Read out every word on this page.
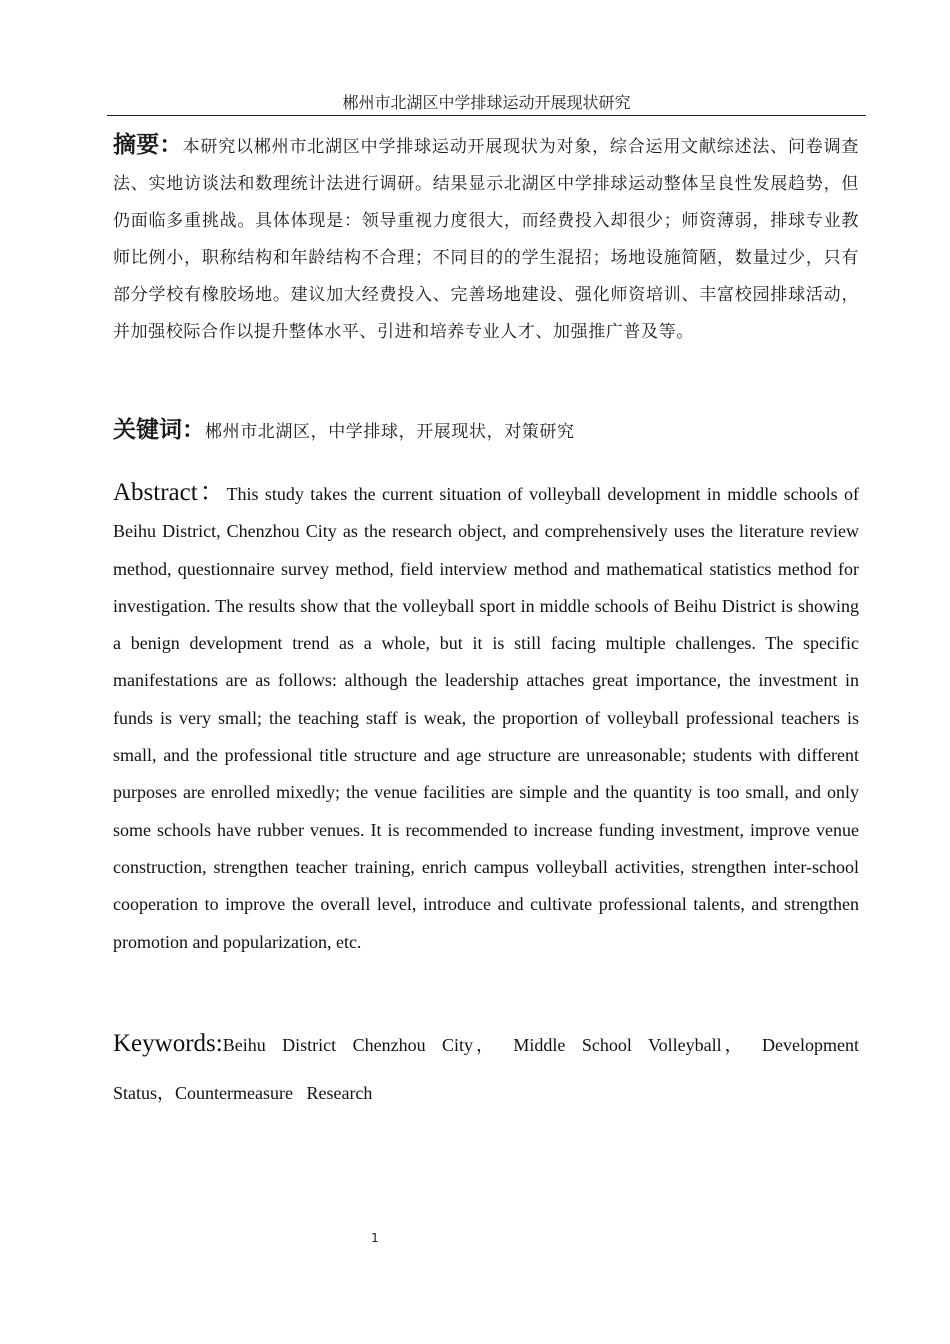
郴州市北湖区中学排球运动开展现状研究
摘要：本研究以郴州市北湖区中学排球运动开展现状为对象，综合运用文献综述法、问卷调查法、实地访谈法和数理统计法进行调研。结果显示北湖区中学排球运动整体呈良性发展趋势，但仍面临多重挑战。具体体现是：领导重视力度很大，而经费投入却很少；师资薄弱，排球专业教师比例小，职称结构和年龄结构不合理；不同目的的学生混招；场地设施简陋，数量过少，只有部分学校有橡胶场地。建议加大经费投入、完善场地建设、强化师资培训、丰富校园排球活动，并加强校际合作以提升整体水平、引进和培养专业人才、加强推广普及等。
关键词：郴州市北湖区，中学排球，开展现状，对策研究
Abstract：This study takes the current situation of volleyball development in middle schools of Beihu District, Chenzhou City as the research object, and comprehensively uses the literature review method, questionnaire survey method, field interview method and mathematical statistics method for investigation. The results show that the volleyball sport in middle schools of Beihu District is showing a benign development trend as a whole, but it is still facing multiple challenges. The specific manifestations are as follows: although the leadership attaches great importance, the investment in funds is very small; the teaching staff is weak, the proportion of volleyball professional teachers is small, and the professional title structure and age structure are unreasonable; students with different purposes are enrolled mixedly; the venue facilities are simple and the quantity is too small, and only some schools have rubber venues. It is recommended to increase funding investment, improve venue construction, strengthen teacher training, enrich campus volleyball activities, strengthen inter-school cooperation to improve the overall level, introduce and cultivate professional talents, and strengthen promotion and popularization, etc.
Keywords:Beihu District Chenzhou City， Middle School Volleyball， Development Status，Countermeasure Research
1
